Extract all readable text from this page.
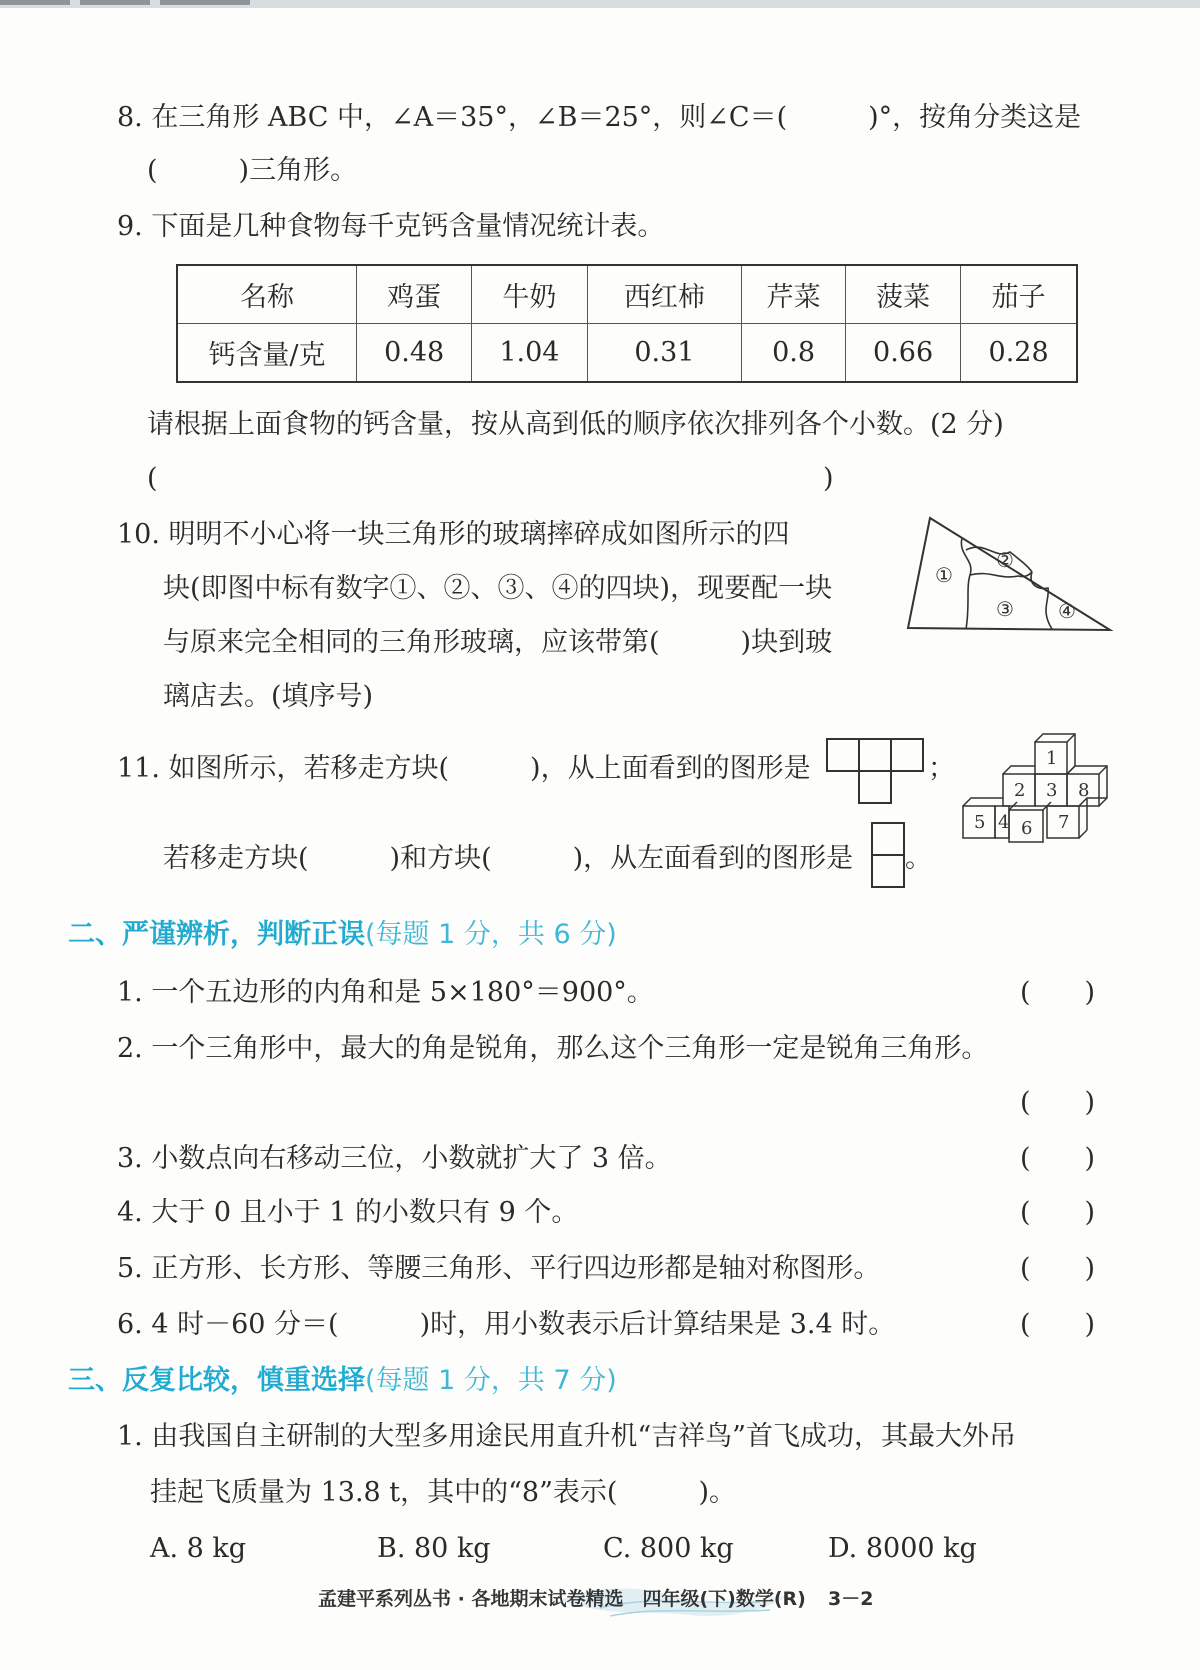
8. 在三角形 ABC 中，∠A＝35°，∠B＝25°，则∠C＝(　　　)°，按角分类这是
(　　　)三角形。
9. 下面是几种食物每千克钙含量情况统计表。
名称	鸡蛋	牛奶	西红柿	芹菜	菠菜	茄子
钙含量/克	0.48	1.04	0.31	0.8	0.66	0.28
请根据上面食物的钙含量，按从高到低的顺序依次排列各个小数。(2 分)
(	)
10. 明明不小心将一块三角形的玻璃摔碎成如图所示的四
块(即图中标有数字①、②、③、④的四块)，现要配一块
与原来完全相同的三角形玻璃，应该带第(　　　)块到玻
璃店去。(填序号)
①
②
③ ④
11. 如图所示，若移走方块(　　　)，从上面看到的图形是	；
若移走方块(　　　)和方块(　　　)，从左面看到的图形是 。
1
2 3 8
5 4 6 7
二、严谨辨析，判断正误(每题 1 分，共 6 分)
1. 一个五边形的内角和是 5×180°＝900°。	(　　)
2. 一个三角形中，最大的角是锐角，那么这个三角形一定是锐角三角形。
(　　)
3. 小数点向右移动三位，小数就扩大了 3 倍。	(　　)
4. 大于 0 且小于 1 的小数只有 9 个。	(　　)
5. 正方形、长方形、等腰三角形、平行四边形都是轴对称图形。	(　　)
6. 4 时－60 分＝(　　　)时，用小数表示后计算结果是 3.4 时。	(　　)
三、反复比较，慎重选择(每题 1 分，共 7 分)
1. 由我国自主研制的大型多用途民用直升机“吉祥鸟”首飞成功，其最大外吊
挂起飞质量为 13.8 t，其中的“8”表示(　　　)。
A. 8 kg	B. 80 kg	C. 800 kg	D. 8000 kg
孟建平系列丛书 · 各地期末试卷精选　四年级(下)数学(R) 3－2
